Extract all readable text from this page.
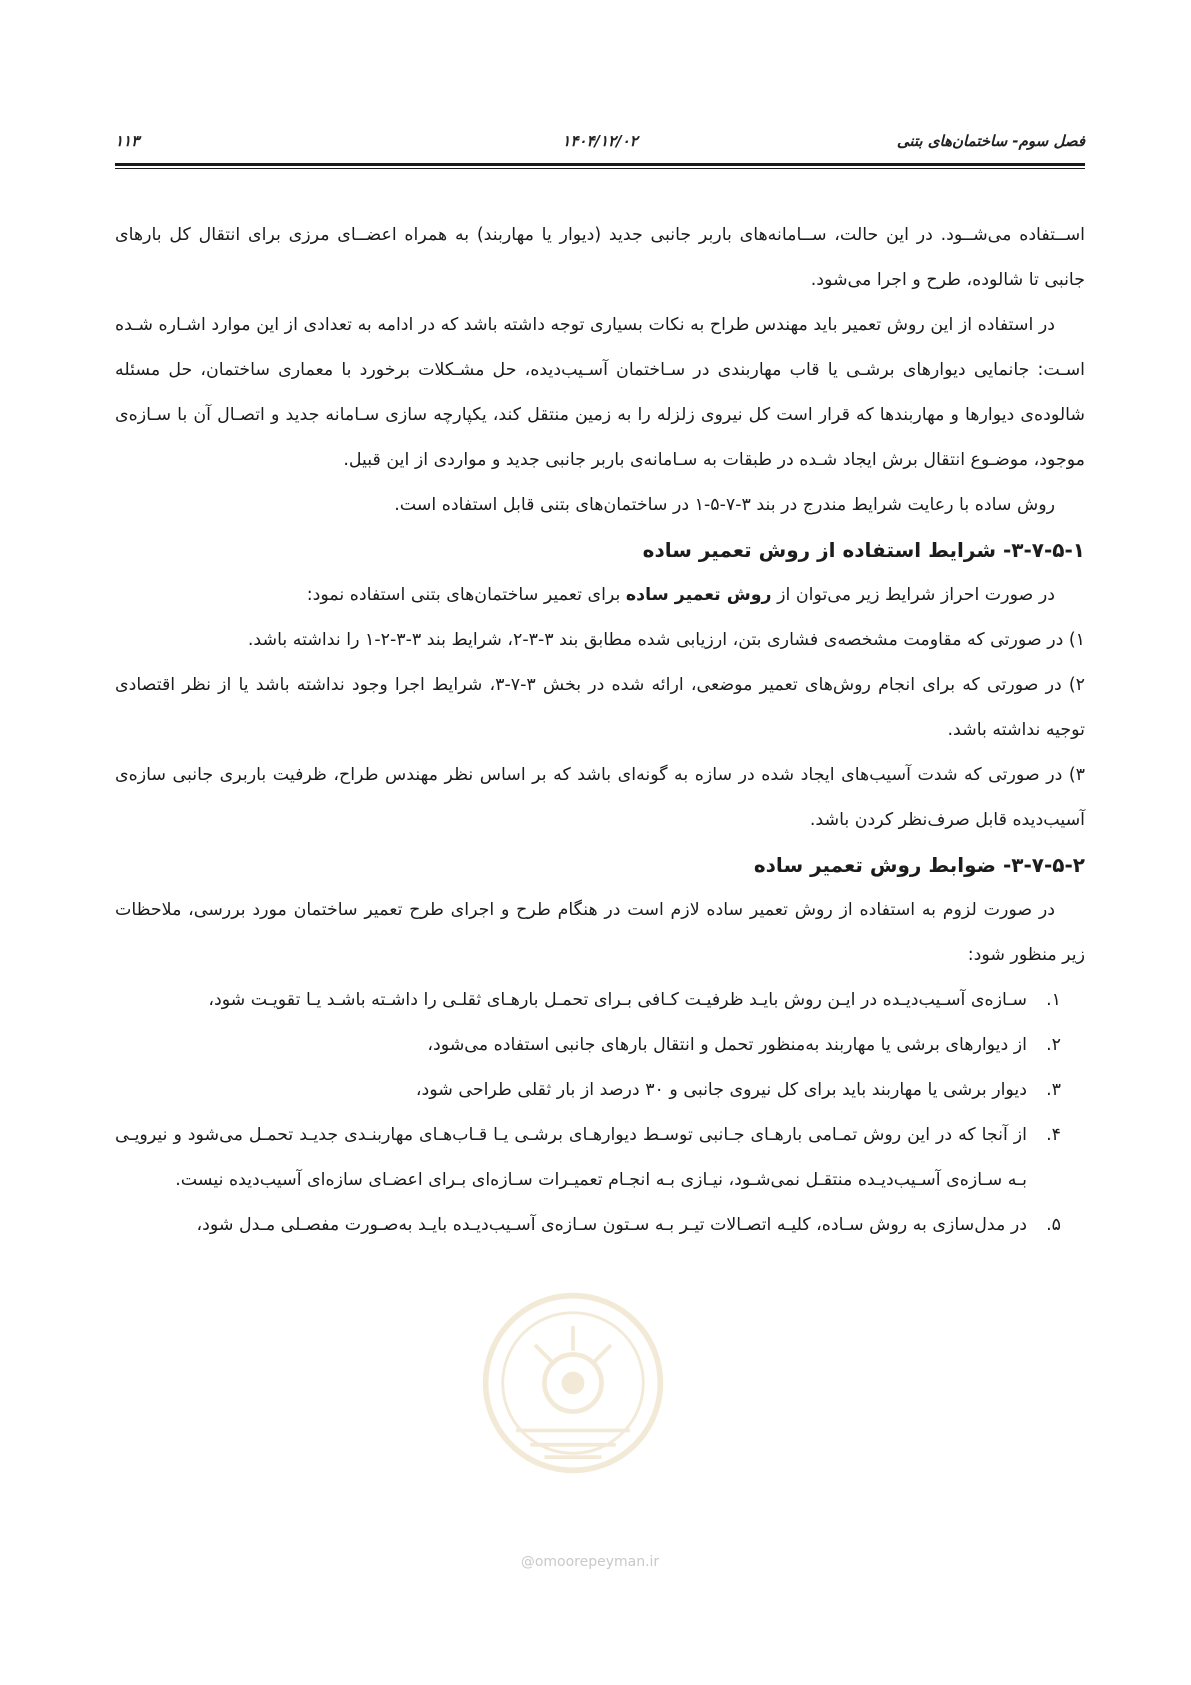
فصل سوم- ساختمان‌های بتنی
۱۴۰۴/۱۲/۰۲
۱۱۳

اســتفاده می‌شــود. در این حالت، ســامانه‌های باربر جانبی جدید (دیوار یا مهاربند) به همراه اعضــای مرزی برای انتقال کل بارهای جانبی تا شالوده، طرح و اجرا می‌شود.

در استفاده از این روش تعمیر باید مهندس طراح به نکات بسیاری توجه داشته باشد که در ادامه به تعدادی از این موارد اشـاره شـده اسـت: جانمایی دیوارهای برشـی یا قاب مهاربندی در سـاختمان آسـیب‌دیده، حل مشـکلات برخورد با معماری ساختمان، حل مسئله شالوده‌ی دیوارها و مهاربندها که قرار است کل نیروی زلزله را به زمین منتقل کند، یکپارچه سازی سـامانه جدید و اتصـال آن با سـازه‌ی موجود، موضـوع انتقال برش ایجاد شـده در طبقات به سـامانه‌ی باربر جانبی جدید و مواردی از این قبیل.

روش ساده با رعایت شرایط مندرج در بند ۳-۷-۵-۱ در ساختمان‌های بتنی قابل استفاده است.

۳-۷-۵-۱- شرایط استفاده از روش تعمیر ساده

در صورت احراز شرایط زیر می‌توان از روش تعمیر ساده برای تعمیر ساختمان‌های بتنی استفاده نمود:

۱) در صورتی که مقاومت مشخصه‌ی فشاری بتن، ارزیابی شده مطابق بند ۳-۳-۲، شرایط بند ۳-۳-۲-۱ را نداشته باشد.

۲) در صورتی که برای انجام روش‌های تعمیر موضعی، ارائه شده در بخش ۳-۷-۳، شرایط اجرا وجود نداشته باشد یا از نظر اقتصادی توجیه نداشته باشد.

۳) در صورتی که شدت آسیب‌های ایجاد شده در سازه به گونه‌ای باشد که بر اساس نظر مهندس طراح، ظرفیت باربری جانبی سازه‌ی آسیب‌دیده قابل صرف‌نظر کردن باشد.

۳-۷-۵-۲- ضوابط روش تعمیر ساده

در صورت لزوم به استفاده از روش تعمیر ساده لازم است در هنگام طرح و اجرای طرح تعمیر ساختمان مورد بررسی، ملاحظات زیر منظور شود:

۱.
سـازه‌ی آسـیب‌دیـده در ایـن روش بایـد ظرفیـت کـافی بـرای تحمـل بارهـای ثقلـی را داشـته باشـد یـا تقویـت شود،
۲.
از دیوارهای برشی یا مهاربند به‌منظور تحمل و انتقال بارهای جانبی استفاده می‌شود،
۳.
دیوار برشی یا مهاربند باید برای کل نیروی جانبی و ۳۰ درصد از بار ثقلی طراحی شود،
۴.
از آنجا که در این روش تمـامی بارهـای جـانبی توسـط دیوارهـای برشـی یـا قـاب‌هـای مهاربنـدی جدیـد تحمـل می‌شود و نیرویـی بـه سـازه‌ی آسـیب‌دیـده منتقـل نمی‌شـود، نیـازی بـه انجـام تعمیـرات سـازه‌ای بـرای اعضـای سازه‌ای آسیب‌دیده نیست.
۵.
در مدل‌سازی به روش سـاده، کلیـه اتصـالات تیـر بـه سـتون سـازه‌ی آسـیب‌دیـده بایـد به‌صـورت مفصـلی مـدل شود،
@omoorepeyman.ir
